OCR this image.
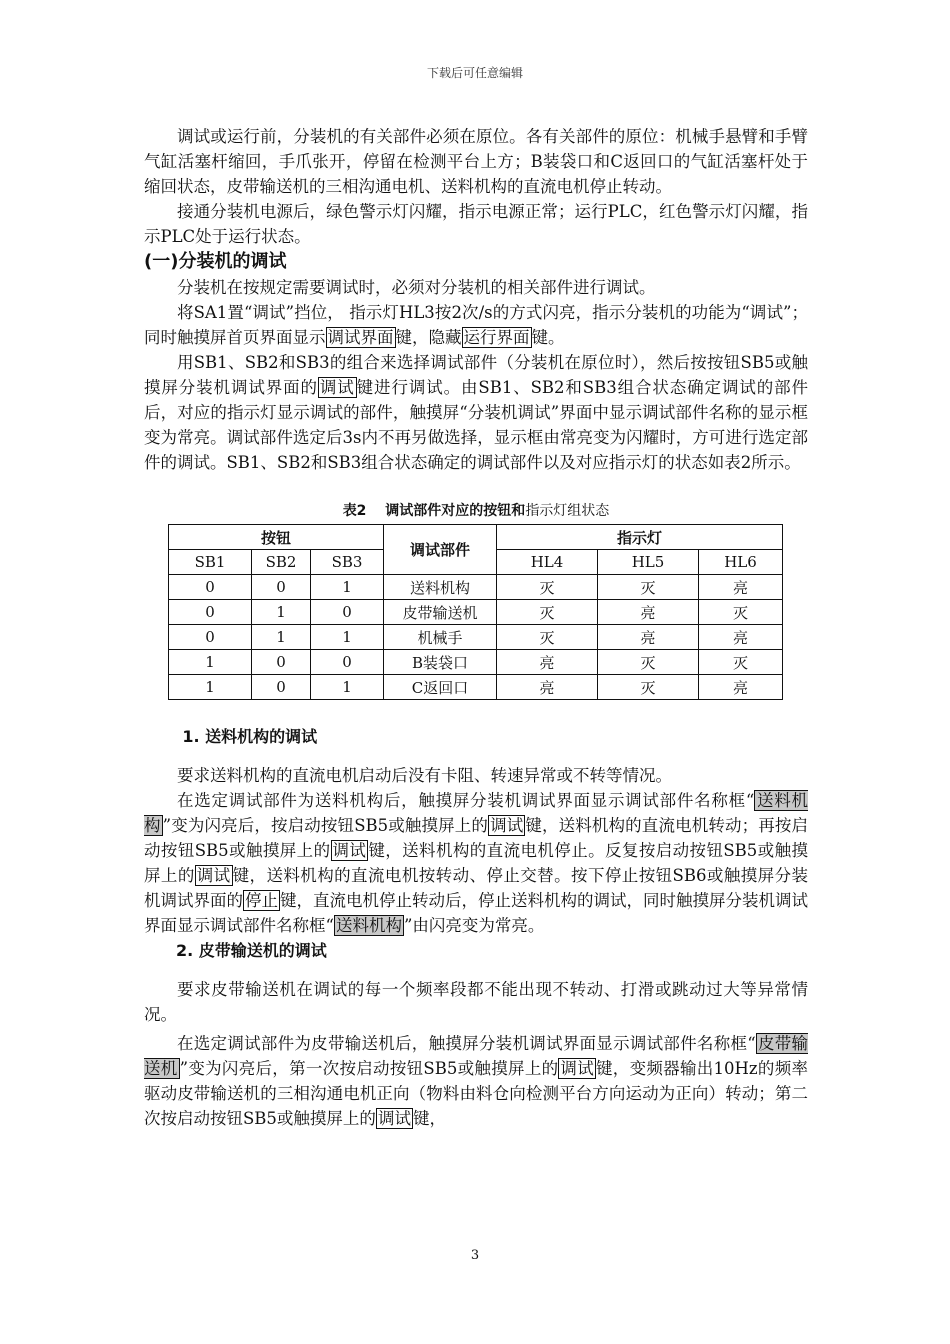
下载后可任意编辑

调试或运行前，分装机的有关部件必须在原位。各有关部件的原位：机械手悬臂和手臂气缸活塞杆缩回，手爪张开，停留在检测平台上方；B装袋口和C返回口的气缸活塞杆处于缩回状态，皮带输送机的三相沟通电机、送料机构的直流电机停止转动。

接通分装机电源后，绿色警示灯闪耀，指示电源正常；运行PLC，红色警示灯闪耀，指示PLC处于运行状态。

(一)分装机的调试

分装机在按规定需要调试时，必须对分装机的相关部件进行调试。

将SA1置“调试”挡位， 指示灯HL3按2次/s的方式闪亮，指示分装机的功能为“调试”；同时触摸屏首页界面显示 调试界面 键，隐藏 运行界面 键。

用SB1、SB2和SB3的组合来选择调试部件（分装机在原位时），然后按按钮SB5或触摸屏分装机调试界面的 调试 键进行调试。由SB1、SB2和SB3组合状态确定调试的部件后，对应的指示灯显示调试的部件，触摸屏“分装机调试”界面中显示调试部件名称的显示框变为常亮。调试部件选定后3s内不再另做选择，显示框由常亮变为闪耀时，方可进行选定部件的调试。SB1、SB2和SB3组合状态确定的调试部件以及对应指示灯的状态如表2所示。

表2　 调试部件对应的按钮和指示灯组状态
按钮			调试部件	指示灯		
SB1	SB2	SB3		HL4	HL5	HL6
0	0	1	送料机构	灭	灭	亮
0	1	0	皮带输送机	灭	亮	灭
0	1	1	机械手	灭	亮	亮
1	0	0	B装袋口	亮	灭	灭
1	0	1	C返回口	亮	灭	亮
1. 送料机构的调试

要求送料机构的直流电机启动后没有卡阻、转速异常或不转等情况。

在选定调试部件为送料机构后，触摸屏分装机调试界面显示调试部件名称框“ 送料机构 ”变为闪亮后，按启动按钮SB5或触摸屏上的 调试 键，送料机构的直流电机转动；再按启动按钮SB5或触摸屏上的 调试 键，送料机构的直流电机停止。反复按启动按钮SB5或触摸屏上的 调试 键，送料机构的直流电机按转动、停止交替。按下停止按钮SB6或触摸屏分装机调试界面的 停止 键，直流电机停止转动后，停止送料机构的调试，同时触摸屏分装机调试界面显示调试部件名称框“ 送料机构 ”由闪亮变为常亮。

2. 皮带输送机的调试

要求皮带输送机在调试的每一个频率段都不能出现不转动、打滑或跳动过大等异常情况。

在选定调试部件为皮带输送机后，触摸屏分装机调试界面显示调试部件名称框“ 皮带输送机 ”变为闪亮后，第一次按启动按钮SB5或触摸屏上的 调试 键，变频器输出10Hz的频率驱动皮带输送机的三相沟通电机正向（物料由料仓向检测平台方向运动为正向）转动；第二次按启动按钮SB5或触摸屏上的 调试 键，

3
